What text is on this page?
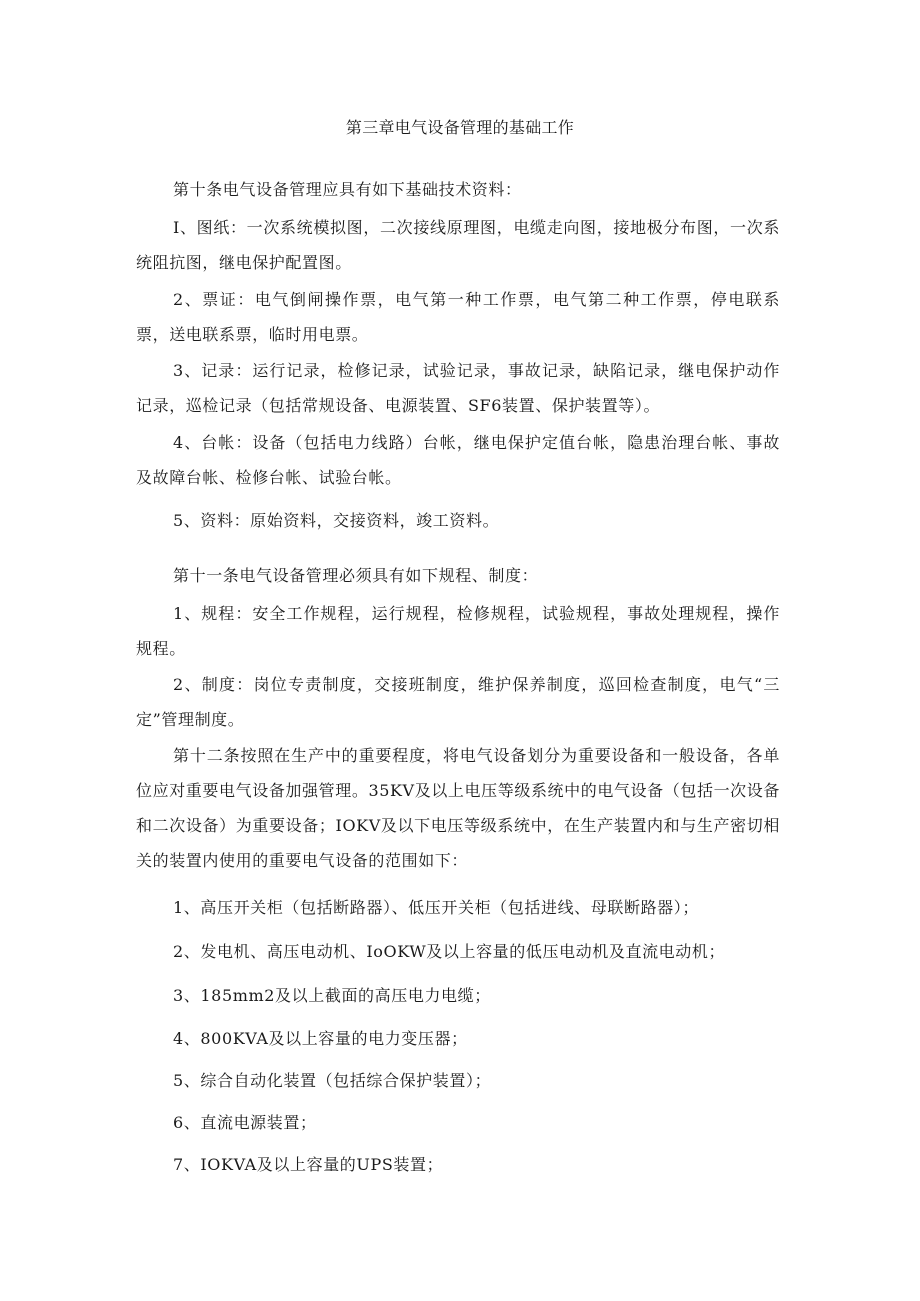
第三章电气设备管理的基础工作

第十条电气设备管理应具有如下基础技术资料：

I、图纸：一次系统模拟图，二次接线原理图，电缆走向图，接地极分布图，一次系统阻抗图，继电保护配置图。

2、票证：电气倒闸操作票，电气第一种工作票，电气第二种工作票，停电联系票，送电联系票，临时用电票。

3、记录：运行记录，检修记录，试验记录，事故记录，缺陷记录，继电保护动作记录，巡检记录（包括常规设备、电源装置、SF6装置、保护装置等）。

4、台帐：设备（包括电力线路）台帐，继电保护定值台帐，隐患治理台帐、事故及故障台帐、检修台帐、试验台帐。

5、资料：原始资料，交接资料，竣工资料。

第十一条电气设备管理必须具有如下规程、制度：

1、规程：安全工作规程，运行规程，检修规程，试验规程，事故处理规程，操作规程。

2、制度：岗位专责制度，交接班制度，维护保养制度，巡回检查制度，电气“三定”管理制度。

第十二条按照在生产中的重要程度，将电气设备划分为重要设备和一般设备，各单位应对重要电气设备加强管理。35KV及以上电压等级系统中的电气设备（包括一次设备和二次设备）为重要设备；IOKV及以下电压等级系统中，在生产装置内和与生产密切相关的装置内使用的重要电气设备的范围如下：

1、高压开关柜（包括断路器）、低压开关柜（包括进线、母联断路器）；

2、发电机、高压电动机、IoOKW及以上容量的低压电动机及直流电动机；

3、185mm2及以上截面的高压电力电缆；

4、800KVA及以上容量的电力变压器；

5、综合自动化装置（包括综合保护装置）；

6、直流电源装置；

7、IOKVA及以上容量的UPS装置；
